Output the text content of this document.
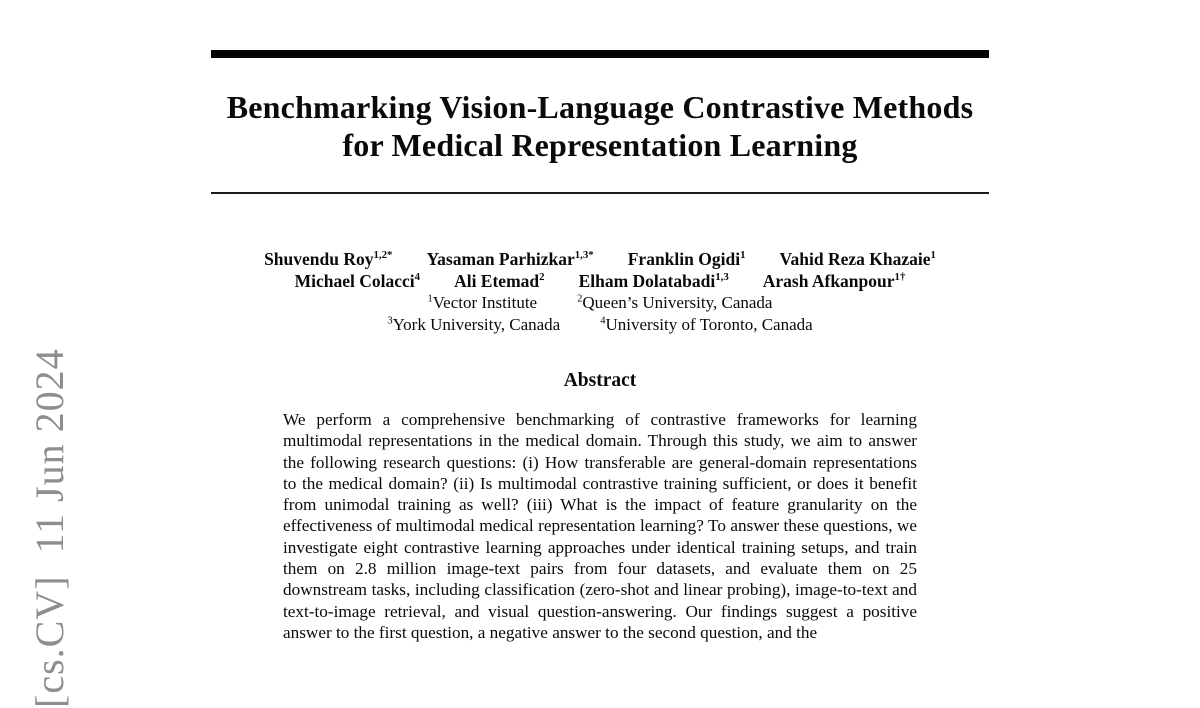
[cs.CV]  11 Jun 2024
Benchmarking Vision-Language Contrastive Methods
for Medical Representation Learning
Shuvendu Roy$^{1,2*}$ Yasaman Parhizkar$^{1,3*}$ Franklin Ogidi$^1$ Vahid Reza Khazaie$^1$
Michael Colacci$^4$ Ali Etemad$^2$ Elham Dolatabadi$^{1,3}$ Arash Afkanpour$^{1\dagger}$
$^1$Vector Institute	$^2$Queen’s University, Canada
$^3$York University, Canada	$^4$University of Toronto, Canada
Abstract

We perform a comprehensive benchmarking of contrastive frameworks for learning multimodal representations in the medical domain. Through this study, we aim to answer the following research questions: (i) How transferable are general-domain representations to the medical domain? (ii) Is multimodal contrastive training sufficient, or does it benefit from unimodal training as well? (iii) What is the impact of feature granularity on the effectiveness of multimodal medical representation learning? To answer these questions, we investigate eight contrastive learning approaches under identical training setups, and train them on 2.8 million image-text pairs from four datasets, and evaluate them on 25 downstream tasks, including classification (zero-shot and linear probing), image-to-text and text-to-image retrieval, and visual question-answering. Our findings suggest a positive answer to the first question, a negative answer to the second question, and the
